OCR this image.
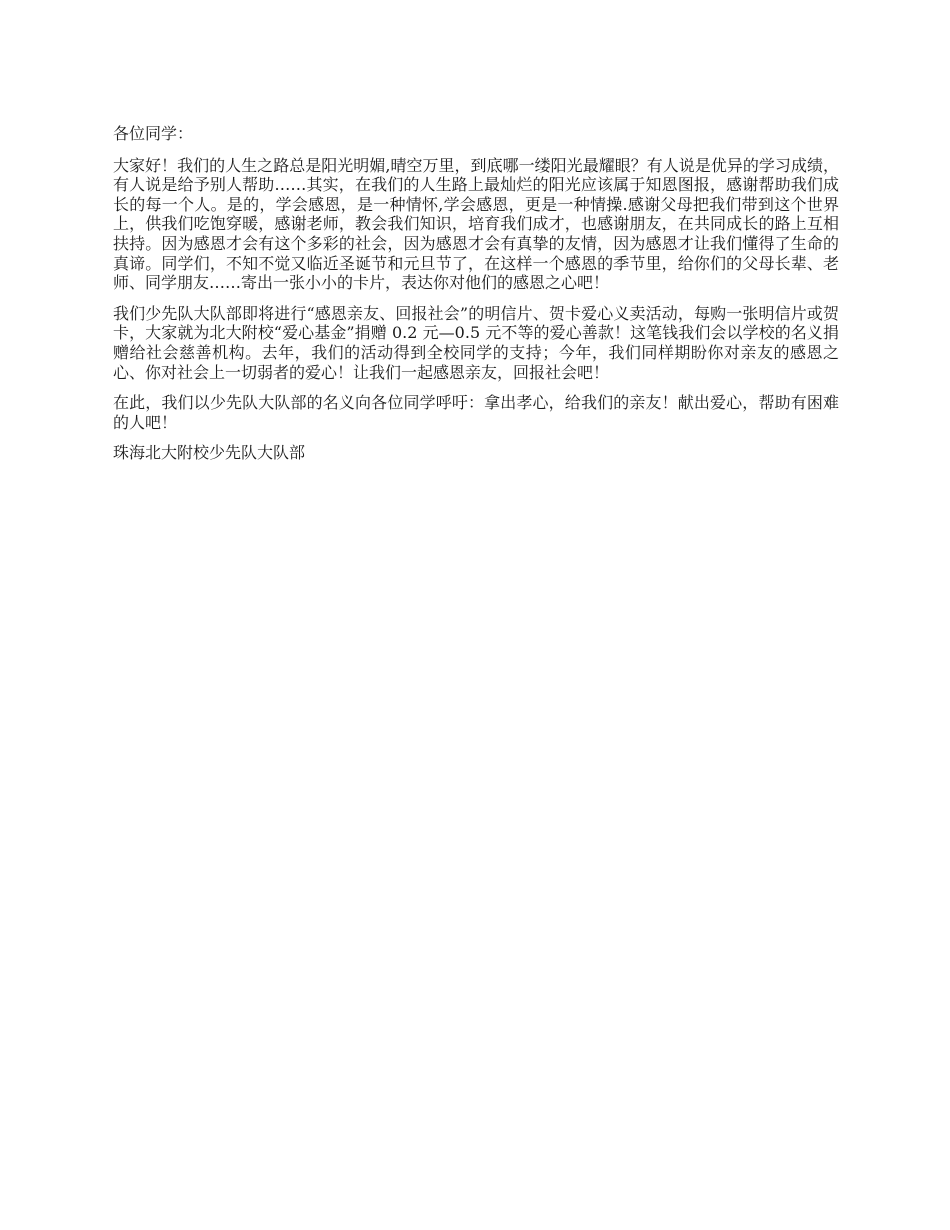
各位同学：

大家好！我们的人生之路总是阳光明媚,晴空万里，到底哪一缕阳光最耀眼？有人说是优异的学习成绩，有人说是给予别人帮助……其实，在我们的人生路上最灿烂的阳光应该属于知恩图报，感谢帮助我们成长的每一个人。是的，学会感恩，是一种情怀,学会感恩，更是一种情操.感谢父母把我们带到这个世界上，供我们吃饱穿暖，感谢老师，教会我们知识，培育我们成才，也感谢朋友，在共同成长的路上互相扶持。因为感恩才会有这个多彩的社会，因为感恩才会有真挚的友情，因为感恩才让我们懂得了生命的真谛。同学们，不知不觉又临近圣诞节和元旦节了，在这样一个感恩的季节里，给你们的父母长辈、老师、同学朋友……寄出一张小小的卡片，表达你对他们的感恩之心吧！

我们少先队大队部即将进行“感恩亲友、回报社会”的明信片、贺卡爱心义卖活动，每购一张明信片或贺卡，大家就为北大附校“爱心基金”捐赠 0.2 元—0.5 元不等的爱心善款！这笔钱我们会以学校的名义捐赠给社会慈善机构。去年，我们的活动得到全校同学的支持；今年，我们同样期盼你对亲友的感恩之心、你对社会上一切弱者的爱心！让我们一起感恩亲友，回报社会吧！

在此，我们以少先队大队部的名义向各位同学呼吁：拿出孝心，给我们的亲友！献出爱心，帮助有困难的人吧！

珠海北大附校少先队大队部
